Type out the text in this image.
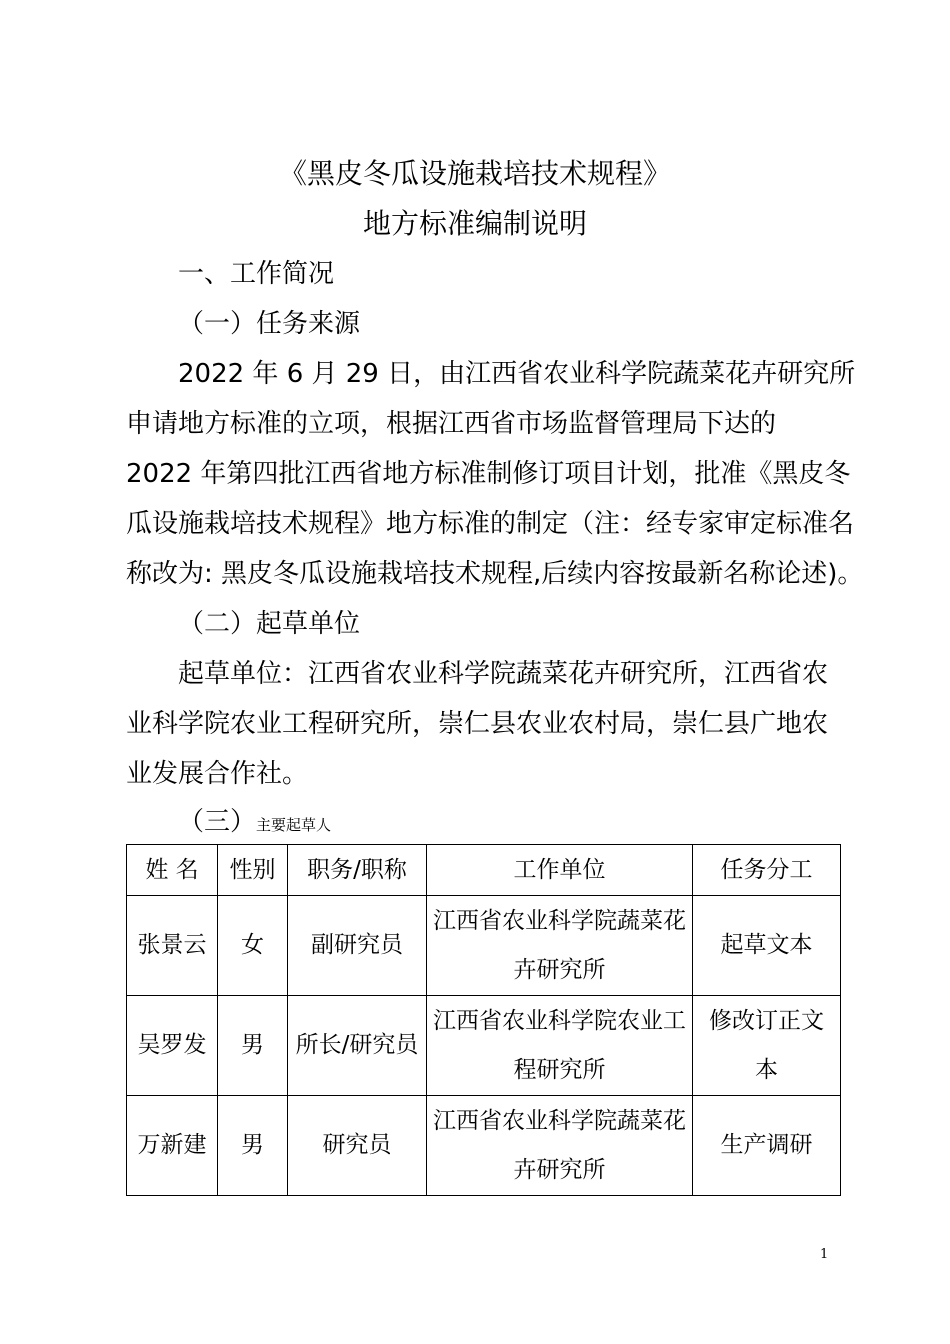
《黑皮冬瓜设施栽培技术规程》
地方标准编制说明
一、工作简况
（一）任务来源
2022 年 6 月 29 日，由江西省农业科学院蔬菜花卉研究所
申请地方标准的立项，根据江西省市场监督管理局下达的
2022 年第四批江西省地方标准制修订项目计划，批准《黑皮冬
瓜设施栽培技术规程》地方标准的制定（注：经专家审定标准名
称改为: 黑皮冬瓜设施栽培技术规程,后续内容按最新名称论述)。
（二）起草单位
起草单位：江西省农业科学院蔬菜花卉研究所，江西省农
业科学院农业工程研究所，崇仁县农业农村局，崇仁县广地农
业发展合作社。
（三）主要起草人
姓 名	性别	职务/职称	工作单位	任务分工
张景云	女	副研究员	江西省农业科学院蔬菜花卉研究所	起草文本
吴罗发	男	所长/研究员	江西省农业科学院农业工程研究所	修改订正文本
万新建	男	研究员	江西省农业科学院蔬菜花卉研究所	生产调研
1
